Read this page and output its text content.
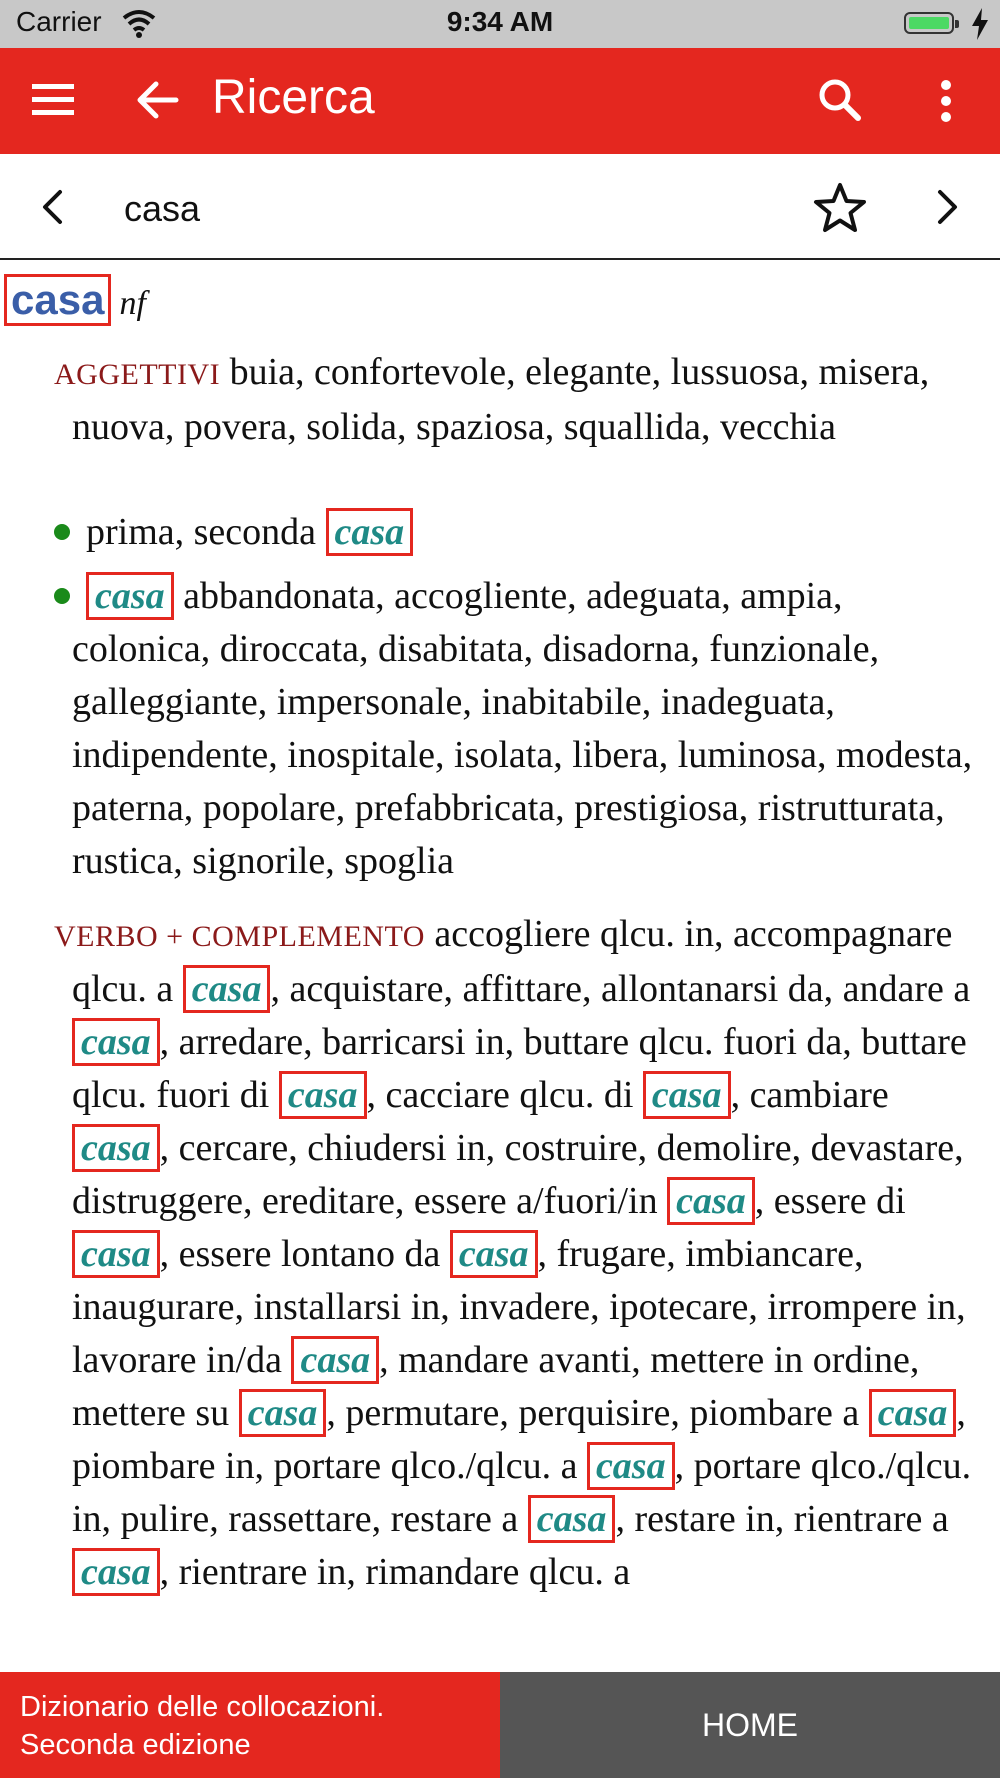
Carrier	9:34 AM
Ricerca
casa
casa nf
AGGETTIVI buia, confortevole, elegante, lussuosa, misera, nuova, povera, solida, spaziosa, squallida, vecchia
prima, seconda casa
casa abbandonata, accogliente, adeguata, ampia, colonica, diroccata, disabitata, disadorna, funzionale, galleggiante, impersonale, inabitabile, inadeguata, indipendente, inospitale, isolata, libera, luminosa, modesta, paterna, popolare, prefabbricata, prestigiosa, ristrutturata, rustica, signorile, spoglia
VERBO + COMPLEMENTO accogliere qlcu. in, accompagnare qlcu. a casa , acquistare, affittare, allontanarsi da, andare a casa , arredare, barricarsi in, buttare qlcu. fuori da, buttare qlcu. fuori di casa , cacciare qlcu. di casa , cambiare casa , cercare, chiudersi in, costruire, demolire, devastare, distruggere, ereditare, essere a/fuori/in casa , essere di casa , essere lontano da casa , frugare, imbiancare, inaugurare, installarsi in, invadere, ipotecare, irrompere in, lavorare in/da casa , mandare avanti, mettere in ordine, mettere su casa , permutare, perquisire, piombare a casa , piombare in, portare qlco./qlcu. a casa , portare qlco./qlcu. in, pulire, rassettare, restare a casa , restare in, rientrare a casa , rientrare in, rimandare qlcu. a
Dizionario delle collocazioni.
Seconda edizione
HOME
